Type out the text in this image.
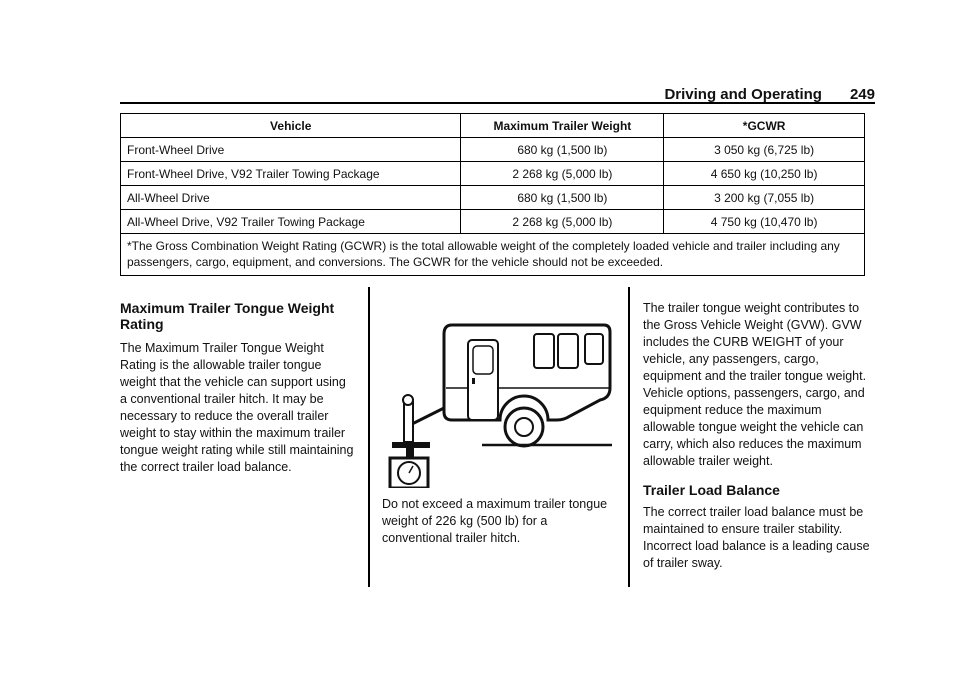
Driving and Operating 249
Vehicle	Maximum Trailer Weight	*GCWR
Front-Wheel Drive	680 kg (1,500 lb)	3 050 kg (6,725 lb)
Front-Wheel Drive, V92 Trailer Towing Package	2 268 kg (5,000 lb)	4 650 kg (10,250 lb)
All-Wheel Drive	680 kg (1,500 lb)	3 200 kg (7,055 lb)
All-Wheel Drive, V92 Trailer Towing Package	2 268 kg (5,000 lb)	4 750 kg (10,470 lb)
*The Gross Combination Weight Rating (GCWR) is the total allowable weight of the completely loaded vehicle and trailer including any passengers, cargo, equipment, and conversions. The GCWR for the vehicle should not be exceeded.		
Maximum Trailer Tongue Weight Rating

The Maximum Trailer Tongue Weight Rating is the allowable trailer tongue weight that the vehicle can support using a conventional trailer hitch. It may be necessary to reduce the overall trailer weight to stay within the maximum trailer tongue weight rating while still maintaining the correct trailer load balance.

Do not exceed a maximum trailer tongue weight of 226 kg (500 lb) for a conventional trailer hitch.

The trailer tongue weight contributes to the Gross Vehicle Weight (GVW). GVW includes the CURB WEIGHT of your vehicle, any passengers, cargo, equipment and the trailer tongue weight. Vehicle options, passengers, cargo, and equipment reduce the maximum allowable tongue weight the vehicle can carry, which also reduces the maximum allowable trailer weight.

Trailer Load Balance

The correct trailer load balance must be maintained to ensure trailer stability. Incorrect load balance is a leading cause of trailer sway.
